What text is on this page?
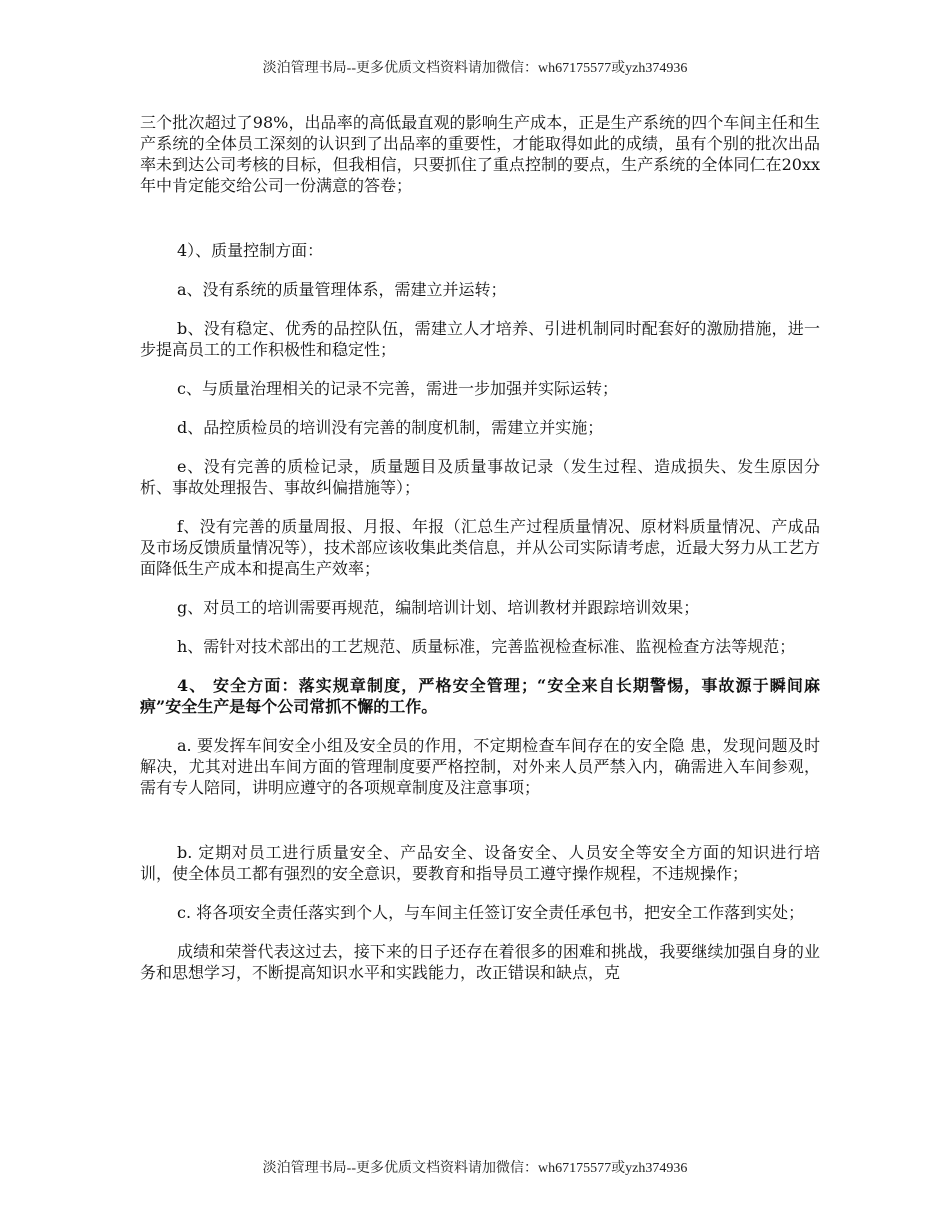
淡泊管理书局--更多优质文档资料请加微信：wh67175577或yzh374936

三个批次超过了98%，出品率的高低最直观的影响生产成本，正是生产系统的四个车间主任和生产系统的全体员工深刻的认识到了出品率的重要性，才能取得如此的成绩，虽有个别的批次出品率未到达公司考核的目标，但我相信，只要抓住了重点控制的要点，生产系统的全体同仁在20xx年中肯定能交给公司一份满意的答卷；

4）、质量控制方面：

a、没有系统的质量管理体系，需建立并运转；

b、没有稳定、优秀的品控队伍，需建立人才培养、引进机制同时配套好的激励措施，进一步提高员工的工作积极性和稳定性；

c、与质量治理相关的记录不完善，需进一步加强并实际运转；

d、品控质检员的培训没有完善的制度机制，需建立并实施；

e、没有完善的质检记录，质量题目及质量事故记录（发生过程、造成损失、发生原因分析、事故处理报告、事故纠偏措施等）；

f、没有完善的质量周报、月报、年报（汇总生产过程质量情况、原材料质量情况、产成品及市场反馈质量情况等），技术部应该收集此类信息，并从公司实际请考虑，近最大努力从工艺方面降低生产成本和提高生产效率；

g、对员工的培训需要再规范，编制培训计划、培训教材并跟踪培训效果；

h、需针对技术部出的工艺规范、质量标准，完善监视检查标准、监视检查方法等规范；

4、 安全方面：落实规章制度，严格安全管理；“安全来自长期警惕，事故源于瞬间麻痹”安全生产是每个公司常抓不懈的工作。

a. 要发挥车间安全小组及安全员的作用，不定期检查车间存在的安全隐 患，发现问题及时解决，尤其对进出车间方面的管理制度要严格控制，对外来人员严禁入内，确需进入车间参观，需有专人陪同，讲明应遵守的各项规章制度及注意事项；

b. 定期对员工进行质量安全、产品安全、设备安全、人员安全等安全方面的知识进行培训，使全体员工都有强烈的安全意识，要教育和指导员工遵守操作规程，不违规操作；

c. 将各项安全责任落实到个人，与车间主任签订安全责任承包书，把安全工作落到实处；

成绩和荣誉代表这过去，接下来的日子还存在着很多的困难和挑战，我要继续加强自身的业务和思想学习，不断提高知识水平和实践能力，改正错误和缺点，克

淡泊管理书局--更多优质文档资料请加微信：wh67175577或yzh374936
